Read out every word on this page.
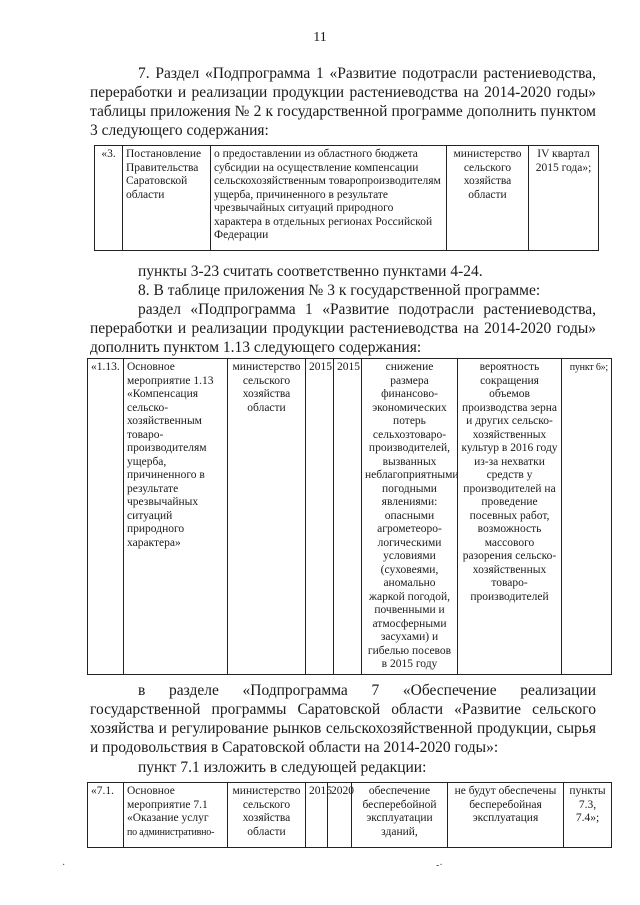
11

7. Раздел «Подпрограмма 1 «Развитие подотрасли растениеводства, переработки и реализации продукции растениеводства на 2014-2020 годы» таблицы приложения № 2 к государственной программе дополнить пунктом 3 следующего содержания:

«3.	Постановление Правительства Саратовской области	о предоставлении из областного бюджета субсидии на осуществление компенсации сельскохозяйственным товаропроизводителям ущерба, причиненного в результате чрезвычайных ситуаций природного характера в отдельных регионах Российской Федерации	министерство сельского хозяйства области	IV квартал 2015 года»;

пункты 3-23 считать соответственно пунктами 4-24.

8. В таблице приложения № 3 к государственной программе:

раздел «Подпрограмма 1 «Развитие подотрасли растениеводства, переработки и реализации продукции растениеводства на 2014-2020 годы» дополнить пунктом 1.13 следующего содержания:

«1.13.	Основное мероприятие 1.13 «Компенсация сельско-хозяйственным товаро-производителям ущерба, причиненного в результате чрезвычайных ситуаций природного характера»	министерство сельского хозяйства области	2015	2015	снижение размера финансово-экономических потерь сельхозтоваро-производителей, вызванных неблагоприятными погодными явлениями: опасными агрометеоро-логическими условиями (суховеями, аномально жаркой погодой, почвенными и атмосферными засухами) и гибелью посевов в 2015 году	вероятность сокращения объемов производства зерна и других сельско-хозяйственных культур в 2016 году из-за нехватки средств у производителей на проведение посевных работ, возможность массового разорения сельско-хозяйственных товаро-производителей	пункт 6»;

в разделе «Подпрограмма 7 «Обеспечение реализации государственной программы Саратовской области «Развитие сельского хозяйства и регулирование рынков сельскохозяйственной продукции, сырья и продовольствия в Саратовской области на 2014-2020 годы»:

пункт 7.1 изложить в следующей редакции:

«7.1.	Основное мероприятие 7.1 «Оказание услуг
по административно-	министерство сельского хозяйства области	2015	2020	обеспечение бесперебойной эксплуатации зданий,	не будут обеспечены бесперебойная эксплуатация	пункты 7.3, 7.4»;
·	-·
